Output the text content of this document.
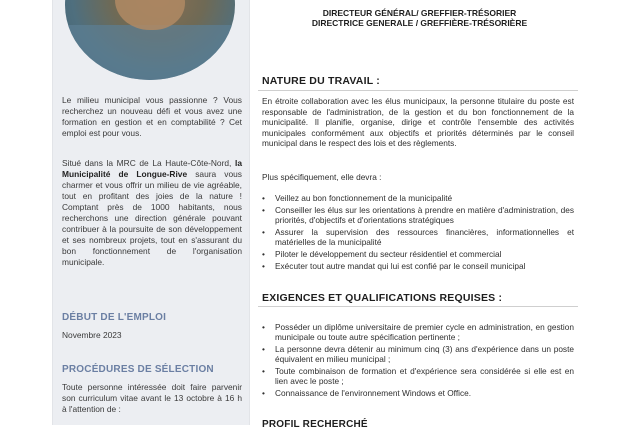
Le milieu municipal vous passionne ? Vous recherchez un nouveau défi et vous avez une formation en gestion et en comptabilité ? Cet emploi est pour vous.
Situé dans la MRC de La Haute-Côte-Nord, la Municipalité de Longue-Rive saura vous charmer et vous offrir un milieu de vie agréable, tout en profitant des joies de la nature ! Comptant près de 1000 habitants, nous recherchons une direction générale pouvant contribuer à la poursuite de son développement et ses nombreux projets, tout en s'assurant du bon fonctionnement de l'organisation municipale.
DÉBUT DE L'EMPLOI
Novembre 2023
PROCÉDURES DE SÉLECTION
Toute personne intéressée doit faire parvenir son curriculum vitae avant le 13 octobre à 16 h à l'attention de :
DIRECTEUR GÉNÉRAL/ GREFFIER-TRÉSORIER
DIRECTRICE GENERALE / GREFFIÈRE-TRÉSORIÈRE
NATURE DU TRAVAIL :
En étroite collaboration avec les élus municipaux, la personne titulaire du poste est responsable de l'administration, de la gestion et du bon fonctionnement de la municipalité. Il planifie, organise, dirige et contrôle l'ensemble des activités municipales conformément aux objectifs et priorités déterminés par le conseil municipal dans le respect des lois et des règlements.
Plus spécifiquement, elle devra :
• Veillez au bon fonctionnement de la municipalité
• Conseiller les élus sur les orientations à prendre en matière d'administration, des priorités, d'objectifs et d'orientations stratégiques
• Assurer la supervision des ressources financières, informationnelles et matérielles de la municipalité
• Piloter le développement du secteur résidentiel et commercial
• Exécuter tout autre mandat qui lui est confié par le conseil municipal
EXIGENCES ET QUALIFICATIONS REQUISES :
• Posséder un diplôme universitaire de premier cycle en administration, en gestion municipale ou toute autre spécification pertinente ;
• La personne devra détenir au minimum cinq (3) ans d'expérience dans un poste équivalent en milieu municipal ;
• Toute combinaison de formation et d'expérience sera considérée si elle est en lien avec le poste ;
• Connaissance de l'environnement Windows et Office.
PROFIL RECHERCHÉ
